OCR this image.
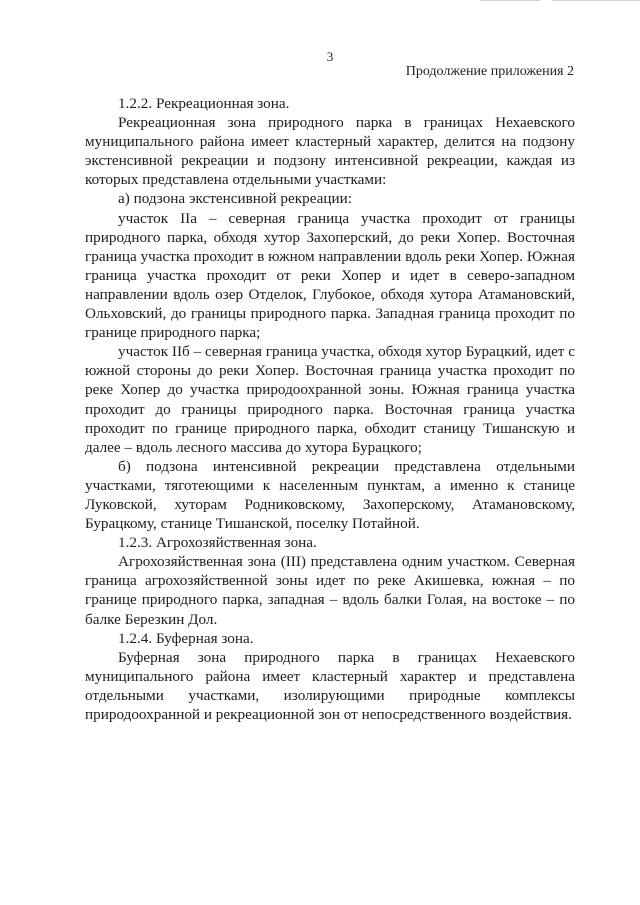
3
Продолжение приложения 2

1.2.2. Рекреационная зона.

Рекреационная зона природного парка в границах Нехаевского муниципального района имеет кластерный характер, делится на подзону экстенсивной рекреации и подзону интенсивной рекреации, каждая из которых представлена отдельными участками:

а) подзона экстенсивной рекреации:

участок IIа – северная граница участка проходит от границы природного парка, обходя хутор Захоперский, до реки Хопер. Восточная граница участка проходит в южном направлении вдоль реки Хопер. Южная граница участка проходит от реки Хопер и идет в северо-западном направлении вдоль озер Отделок, Глубокое, обходя хутора Атамановский, Ольховский, до границы природного парка. Западная граница проходит по границе природного парка;

участок IIб – северная граница участка, обходя хутор Бурацкий, идет с южной стороны до реки Хопер. Восточная граница участка проходит по реке Хопер до участка природоохранной зоны. Южная граница участка проходит до границы природного парка. Восточная граница участка проходит по границе природного парка, обходит станицу Тишанскую и далее – вдоль лесного массива до хутора Бурацкого;

б) подзона интенсивной рекреации представлена отдельными участками, тяготеющими к населенным пунктам, а именно к станице Луковской, хуторам Родниковскому, Захоперскому, Атамановскому, Бурацкому, станице Тишанской, поселку Потайной.

1.2.3. Агрохозяйственная зона.

Агрохозяйственная зона (III) представлена одним участком. Северная граница агрохозяйственной зоны идет по реке Акишевка, южная – по границе природного парка, западная – вдоль балки Голая, на востоке – по балке Березкин Дол.

1.2.4. Буферная зона.

Буферная зона природного парка в границах Нехаевского муниципального района имеет кластерный характер и представлена отдельными участками, изолирующими природные комплексы природоохранной и рекреационной зон от непосредственного воздействия.
